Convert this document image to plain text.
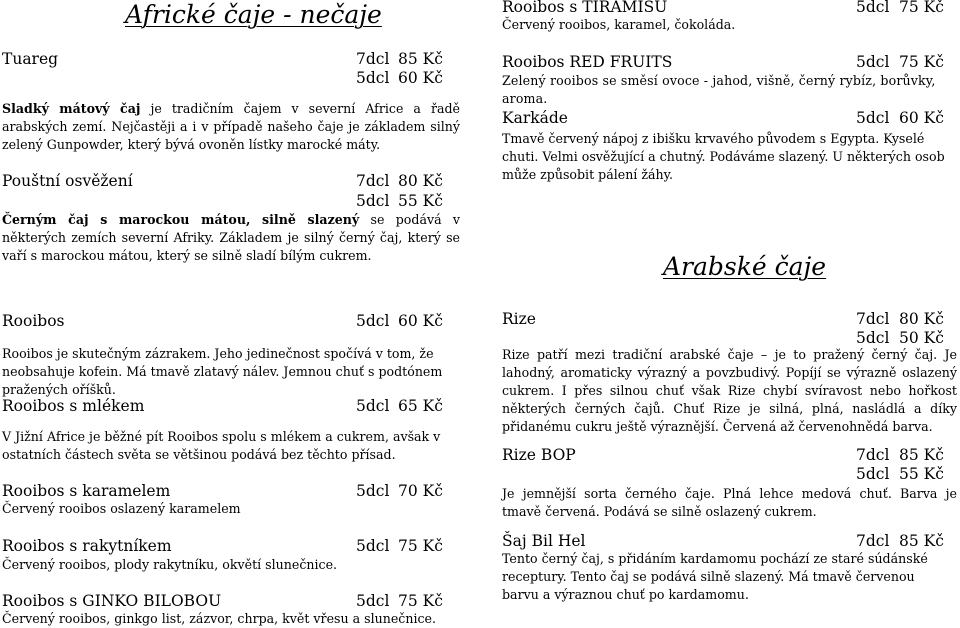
Africké čaje - nečaje
Tuareg	7dcl 85 Kč
5dcl 60 Kč
Sladký mátový čaj je tradičním čajem v severní Africe a řadě arabských zemí. Nejčastěji a i v případě našeho čaje je základem silný zelený Gunpowder, který bývá ovoněn lístky marocké máty.
Pouštní osvěžení	7dcl 80 Kč
5dcl 55 Kč
Černým čaj s marockou mátou, silně slazený se podává v některých zemích severní Afriky. Základem je silný černý čaj, který se vaří s marockou mátou, který se silně sladí bílým cukrem.
Rooibos s TIRAMISU	5dcl 75 Kč
Červený rooibos, karamel, čokoláda.
Rooibos RED FRUITS	5dcl 75 Kč
Zelený rooibos se směsí ovoce - jahod, višně, černý rybíz, borůvky, aroma.
Karkáde	5dcl 60 Kč
Tmavě červený nápoj z ibišku krvavého původem s Egypta. Kyselé chuti. Velmi osvěžující a chutný. Podáváme slazený. U některých osob může způsobit pálení žáhy.
Arabské čaje
Rooibos	5dcl 60 Kč
Rooibos je skutečným zázrakem. Jeho jedinečnost spočívá v tom, že neobsahuje kofein. Má tmavě zlatavý nálev. Jemnou chuť s podtónem pražených oříšků.
Rooibos s mlékem	5dcl 65 Kč
V Jižní Africe je běžné pít Rooibos spolu s mlékem a cukrem, avšak v ostatních částech světa se většinou podává bez těchto přísad.
Rooibos s karamelem	5dcl 70 Kč
Červený rooibos oslazený karamelem
Rooibos s rakytníkem	5dcl 75 Kč
Červený rooibos, plody rakytníku, okvětí slunečnice.
Rooibos s GINKO BILOBOU	5dcl 75 Kč
Červený rooibos, ginkgo list, zázvor, chrpa, květ vřesu a slunečnice.
Rize	7dcl 80 Kč
5dcl 50 Kč
Rize patří mezi tradiční arabské čaje – je to pražený černý čaj. Je lahodný, aromaticky výrazný a povzbudivý. Popíjí se výrazně oslazený cukrem. I přes silnou chuť však Rize chybí svíravost nebo hořkost některých černých čajů. Chuť Rize je silná, plná, nasládlá a díky přidanému cukru ještě výraznější. Červená až červenohnědá barva.
Rize BOP	7dcl 85 Kč
5dcl 55 Kč
Je jemnější sorta černého čaje. Plná lehce medová chuť. Barva je tmavě červená. Podává se silně oslazený cukrem.
Šaj Bil Hel	7dcl 85 Kč
Tento černý čaj, s přidáním kardamomu pochází ze staré súdánské receptury. Tento čaj se podává silně slazený. Má tmavě červenou barvu a výraznou chuť po kardamomu.
